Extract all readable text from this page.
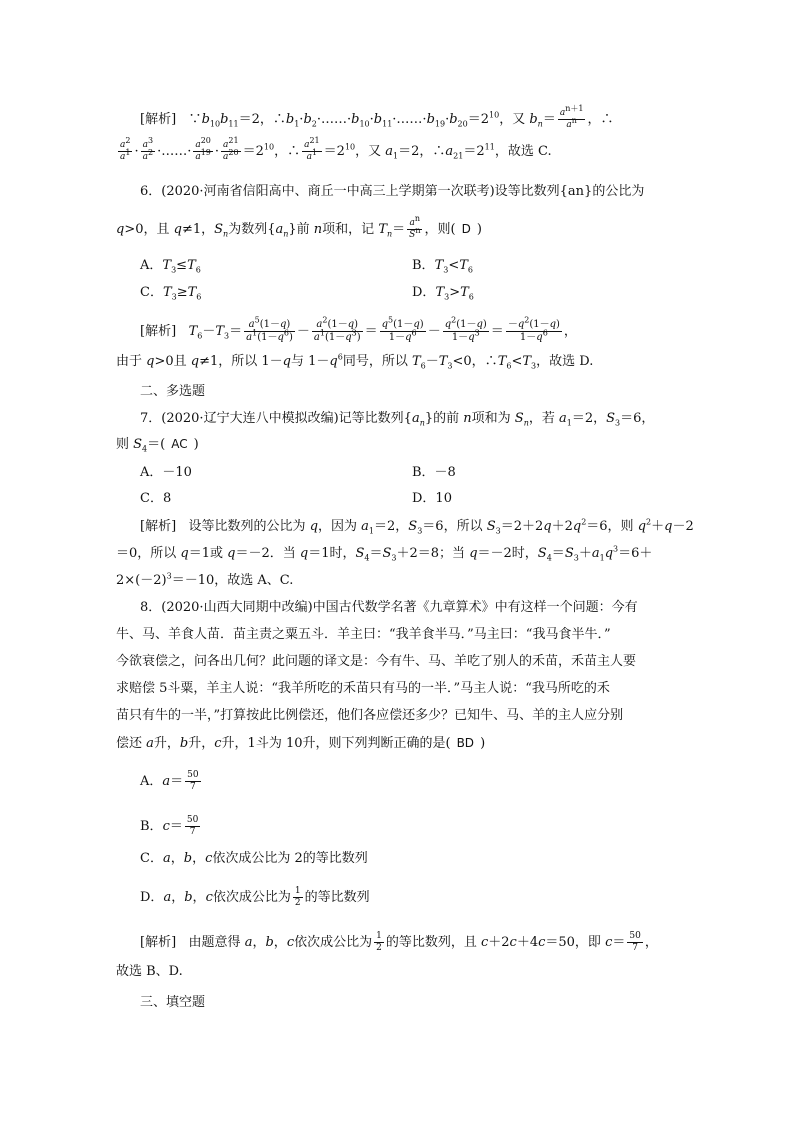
[解析]   $\because b_{10}b_{11}=2$，$\therefore b_1\cdot b_2\cdot\dots\dots\cdot b_{10}\cdot b_{11}\cdot\dots\dots\cdot b_{19}\cdot b_{20}=2^{10}$，又 $b_n= \frac{a^{n+1}}{a^n}$ ，∴
$\frac{a^2}{a^1} \cdot \frac{a^3}{a^2}$ ·……· $\frac{a^{20}}{a^{19}} \cdot \frac{a^{21}}{a^{20}} =2^{10}$，∴ $\frac{a^{21}}{a^1} =2^{10}$，又 $a_1=2$，$\therefore a_{21}=2^{11}$，故选 C.
6．(2020·河南省信阳高中、商丘一中高三上学期第一次联考)设等比数列{an}的公比为
q>0，且 q≠1，$S_n$为数列$\{a_n\}$前 n项和，记 $T_n= \frac{a^n}{S^n}$ ，则( D )
A．$T_3\le T_6$	B．$T_3<T_6$
C．$T_3\ge T_6$	D．$T_3>T_6$
[解析] $T_6-T_3= \frac{a^5(1-q)}{a^1(1-q^6)} - \frac{a^2(1-q)}{a^1(1-q^3)} = \frac{q^5(1-q)}{1-q^6} - \frac{q^2(1-q)}{1-q^3} = \frac{-q^2(1-q)}{1-q^6}$ ，
由于 q>0且 q≠1，所以 1－q与 $1-q^6$同号，所以 $T_6-T_3<0$，$\therefore T_6<T_3$，故选 D.
二、多选题
7．(2020·辽宁大连八中模拟改编)记等比数列$\{a_n\}$的前 n项和为 $S_n$，若 $a_1=2$，$S_3=6$，
则 $S_4=$( AC )
A．－10	B．－8
C．8	D．10
[解析]   设等比数列的公比为 q，因为 $a_1=2$，$S_3=6$，所以 $S_3=2+2q+2q^2=6$，则 $q^2+q-2$
＝0，所以 q＝1或 q＝－2．当 q＝1时，$S_4=S_3+2=8$；当 q＝－2时，$S_4=S_3+a_1q^3=6+$
$2\times(-2)^3=-10$，故选 A、C.
8．(2020·山西大同期中改编)中国古代数学名著《九章算术》中有这样一个问题：今有
牛、马、羊食人苗．苗主责之粟五斗．羊主曰：“我羊食半马．”马主曰：“我马食半牛．”
今欲衰偿之，问各出几何？此问题的译文是：今有牛、马、羊吃了别人的禾苗，禾苗主人要
求赔偿 5斗粟，羊主人说：“我羊所吃的禾苗只有马的一半．”马主人说：“我马所吃的禾
苗只有牛的一半，”打算按此比例偿还，他们各应偿还多少？已知牛、马、羊的主人应分别
偿还 a升，b升，c升，1斗为 10升，则下列判断正确的是( BD )
A．$a= \frac{50}{7}$
B．$c= \frac{50}{7}$
C．a，b，c依次成公比为 2的等比数列
D．a，b，c依次成公比为 $\frac{1}{2}$ 的等比数列
[解析]   由题意得 a，b，c依次成公比为 $\frac{1}{2}$ 的等比数列，且 c＋2c＋4c＝50，即 $c= \frac{50}{7}$ ，
故选 B、D.
三、填空题
